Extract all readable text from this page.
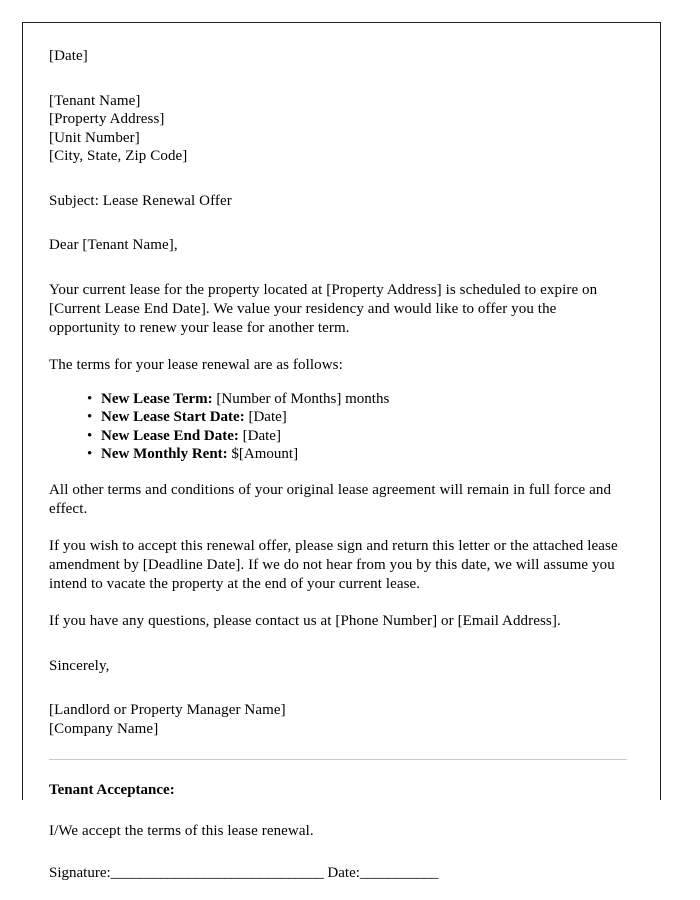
[Date]
[Tenant Name]
[Property Address]
[Unit Number]
[City, State, Zip Code]
Subject: Lease Renewal Offer
Dear [Tenant Name],

Your current lease for the property located at [Property Address] is scheduled to expire on [Current Lease End Date]. We value your residency and would like to offer you the opportunity to renew your lease for another term.

The terms for your lease renewal are as follows:

• New Lease Term: [Number of Months] months
• New Lease Start Date: [Date]
• New Lease End Date: [Date]
• New Monthly Rent: $[Amount]

All other terms and conditions of your original lease agreement will remain in full force and effect.

If you wish to accept this renewal offer, please sign and return this letter or the attached lease amendment by [Deadline Date]. If we do not hear from you by this date, we will assume you intend to vacate the property at the end of your current lease.

If you have any questions, please contact us at [Phone Number] or [Email Address].

Sincerely,
[Landlord or Property Manager Name]
[Company Name]
Tenant Acceptance:
I/We accept the terms of this lease renewal.
Signature:______________________________ Date:___________
